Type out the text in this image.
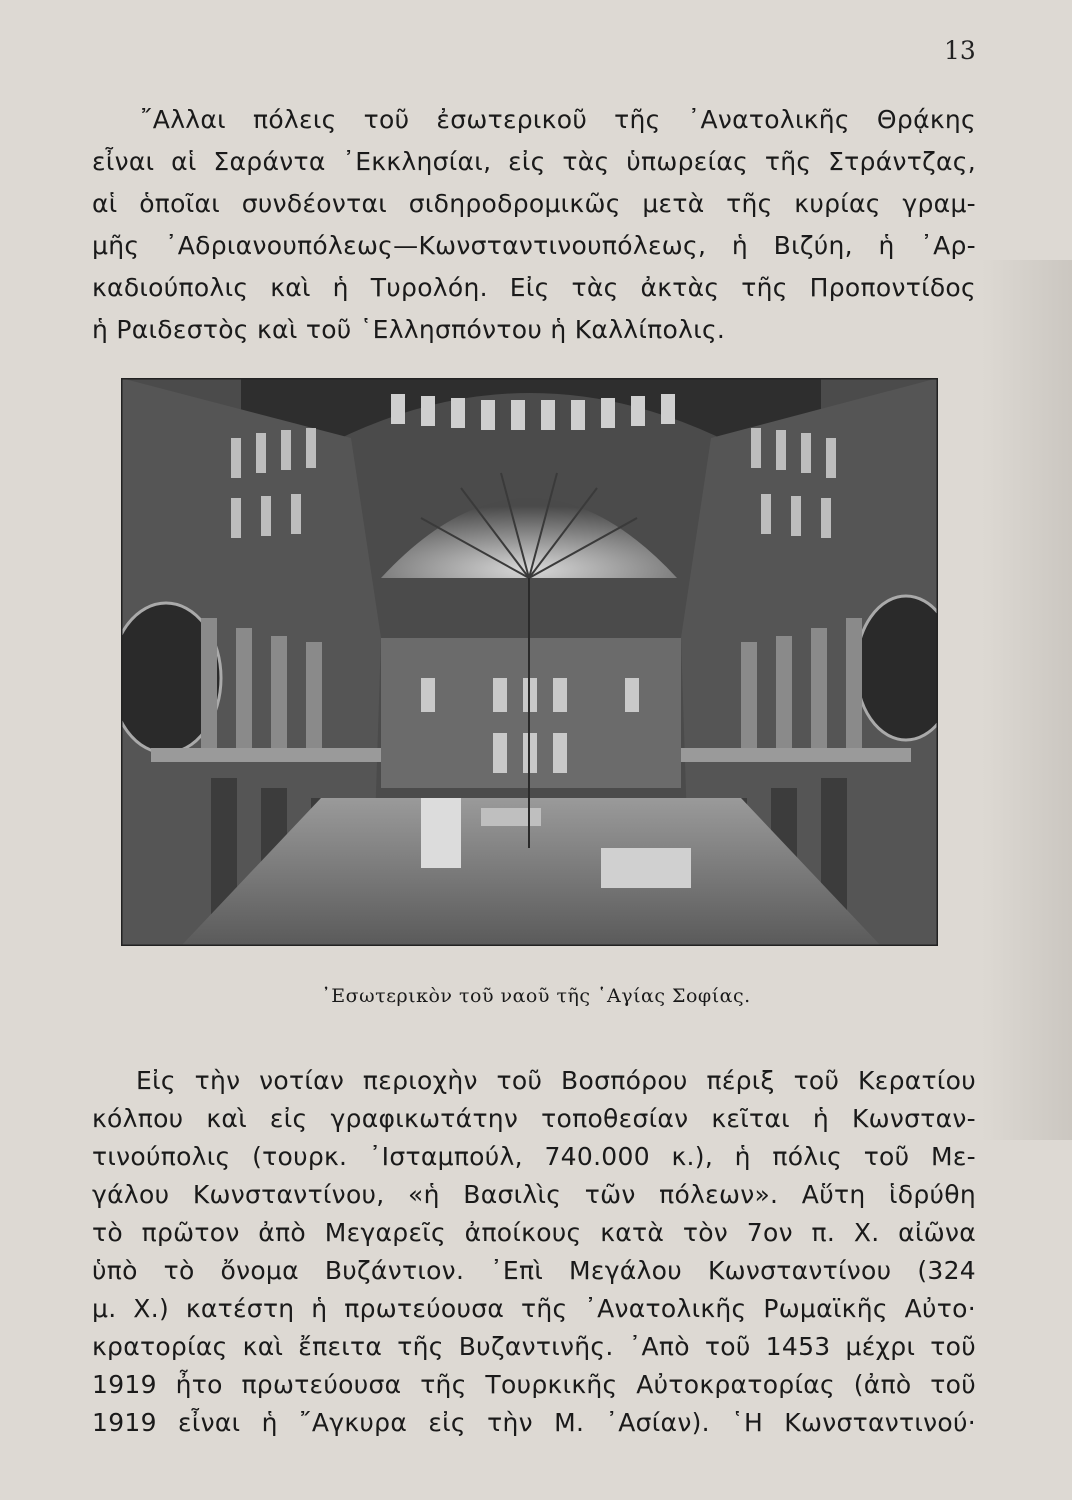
13
῎Αλλαι πόλεις τοῦ ἐσωτερικοῦ τῆς ᾿Ανατολικῆς Θρᾴκης
εἶναι αἱ Σαράντα ᾿Εκκλησίαι, εἰς τὰς ὑπωρείας τῆς Στράντζας,
αἱ ὁποῖαι συνδέονται σιδηροδρομικῶς μετὰ τῆς κυρίας γραμ-
μῆς ᾿Αδριανουπόλεως—Κωνσταντινουπόλεως, ἡ Βιζύη, ἡ ᾿Αρ-
καδιούπολις καὶ ἡ Τυρολόη. Εἰς τὰς ἀκτὰς τῆς Προποντίδος
ἡ Ραιδεστὸς καὶ τοῦ ῾Ελλησπόντου ἡ Καλλίπολις.
᾿Εσωτερικὸν τοῦ ναοῦ τῆς ῾Αγίας Σοφίας.
Εἰς τὴν νοτίαν περιοχὴν τοῦ Βοσπόρου πέριξ τοῦ Κερατίου
κόλπου καὶ εἰς γραφικωτάτην τοποθεσίαν κεῖται ἡ Κωνσταν-
τινούπολις (τουρκ. ᾿Ισταμπούλ, 740.000 κ.), ἡ πόλις τοῦ Με-
γάλου Κωνσταντίνου, «ἡ Βασιλὶς τῶν πόλεων». Αὕτη ἱδρύθη
τὸ πρῶτον ἀπὸ Μεγαρεῖς ἀποίκους κατὰ τὸν 7ον π. Χ. αἰῶνα
ὑπὸ τὸ ὄνομα Βυζάντιον. ᾿Επὶ Μεγάλου Κωνσταντίνου (324
μ. Χ.) κατέστη ἡ πρωτεύουσα τῆς ᾿Ανατολικῆς Ρωμαϊκῆς Αὐτο·
κρατορίας καὶ ἔπειτα τῆς Βυζαντινῆς. ᾿Απὸ τοῦ 1453 μέχρι τοῦ
1919 ἦτο πρωτεύουσα τῆς Τουρκικῆς Αὐτοκρατορίας (ἀπὸ τοῦ
1919 εἶναι ἡ ῎Αγκυρα εἰς τὴν Μ. ᾿Ασίαν). ῾Η Κωνσταντινού·
